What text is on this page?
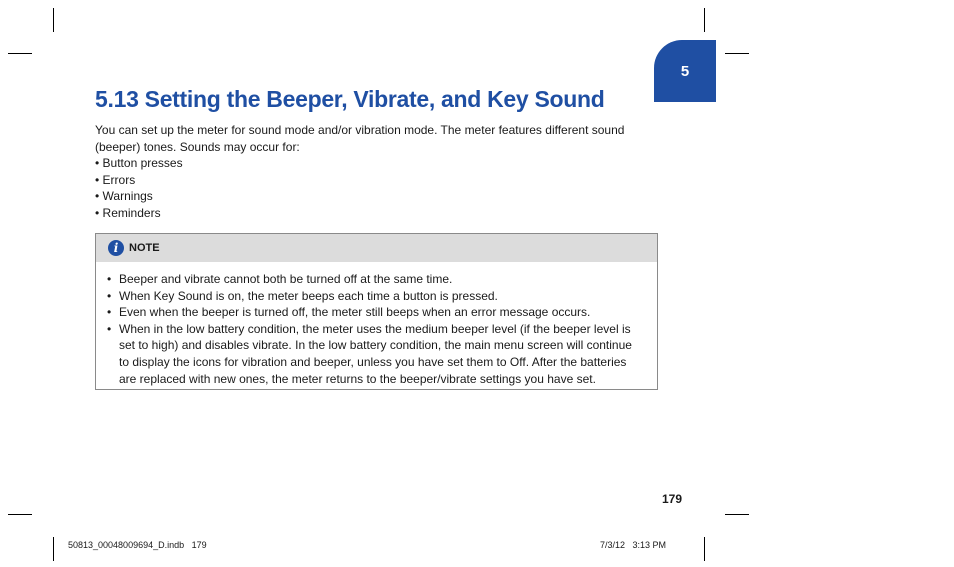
5
5.13 Setting the Beeper, Vibrate, and Key Sound

You can set up the meter for sound mode and/or vibration mode. The meter features different sound (beeper) tones. Sounds may occur for:

• Button presses
• Errors
• Warnings
• Reminders
i NOTE
• Beeper and vibrate cannot both be turned off at the same time.
• When Key Sound is on, the meter beeps each time a button is pressed.
• Even when the beeper is turned off, the meter still beeps when an error message occurs.
• When in the low battery condition, the meter uses the medium beeper level (if the beeper level is set to high) and disables vibrate. In the low battery condition, the main menu screen will continue to display the icons for vibration and beeper, unless you have set them to Off. After the batteries are replaced with new ones, the meter returns to the beeper/vibrate settings you have set.
179
50813_00048009694_D.indb   179	7/3/12   3:13 PM
